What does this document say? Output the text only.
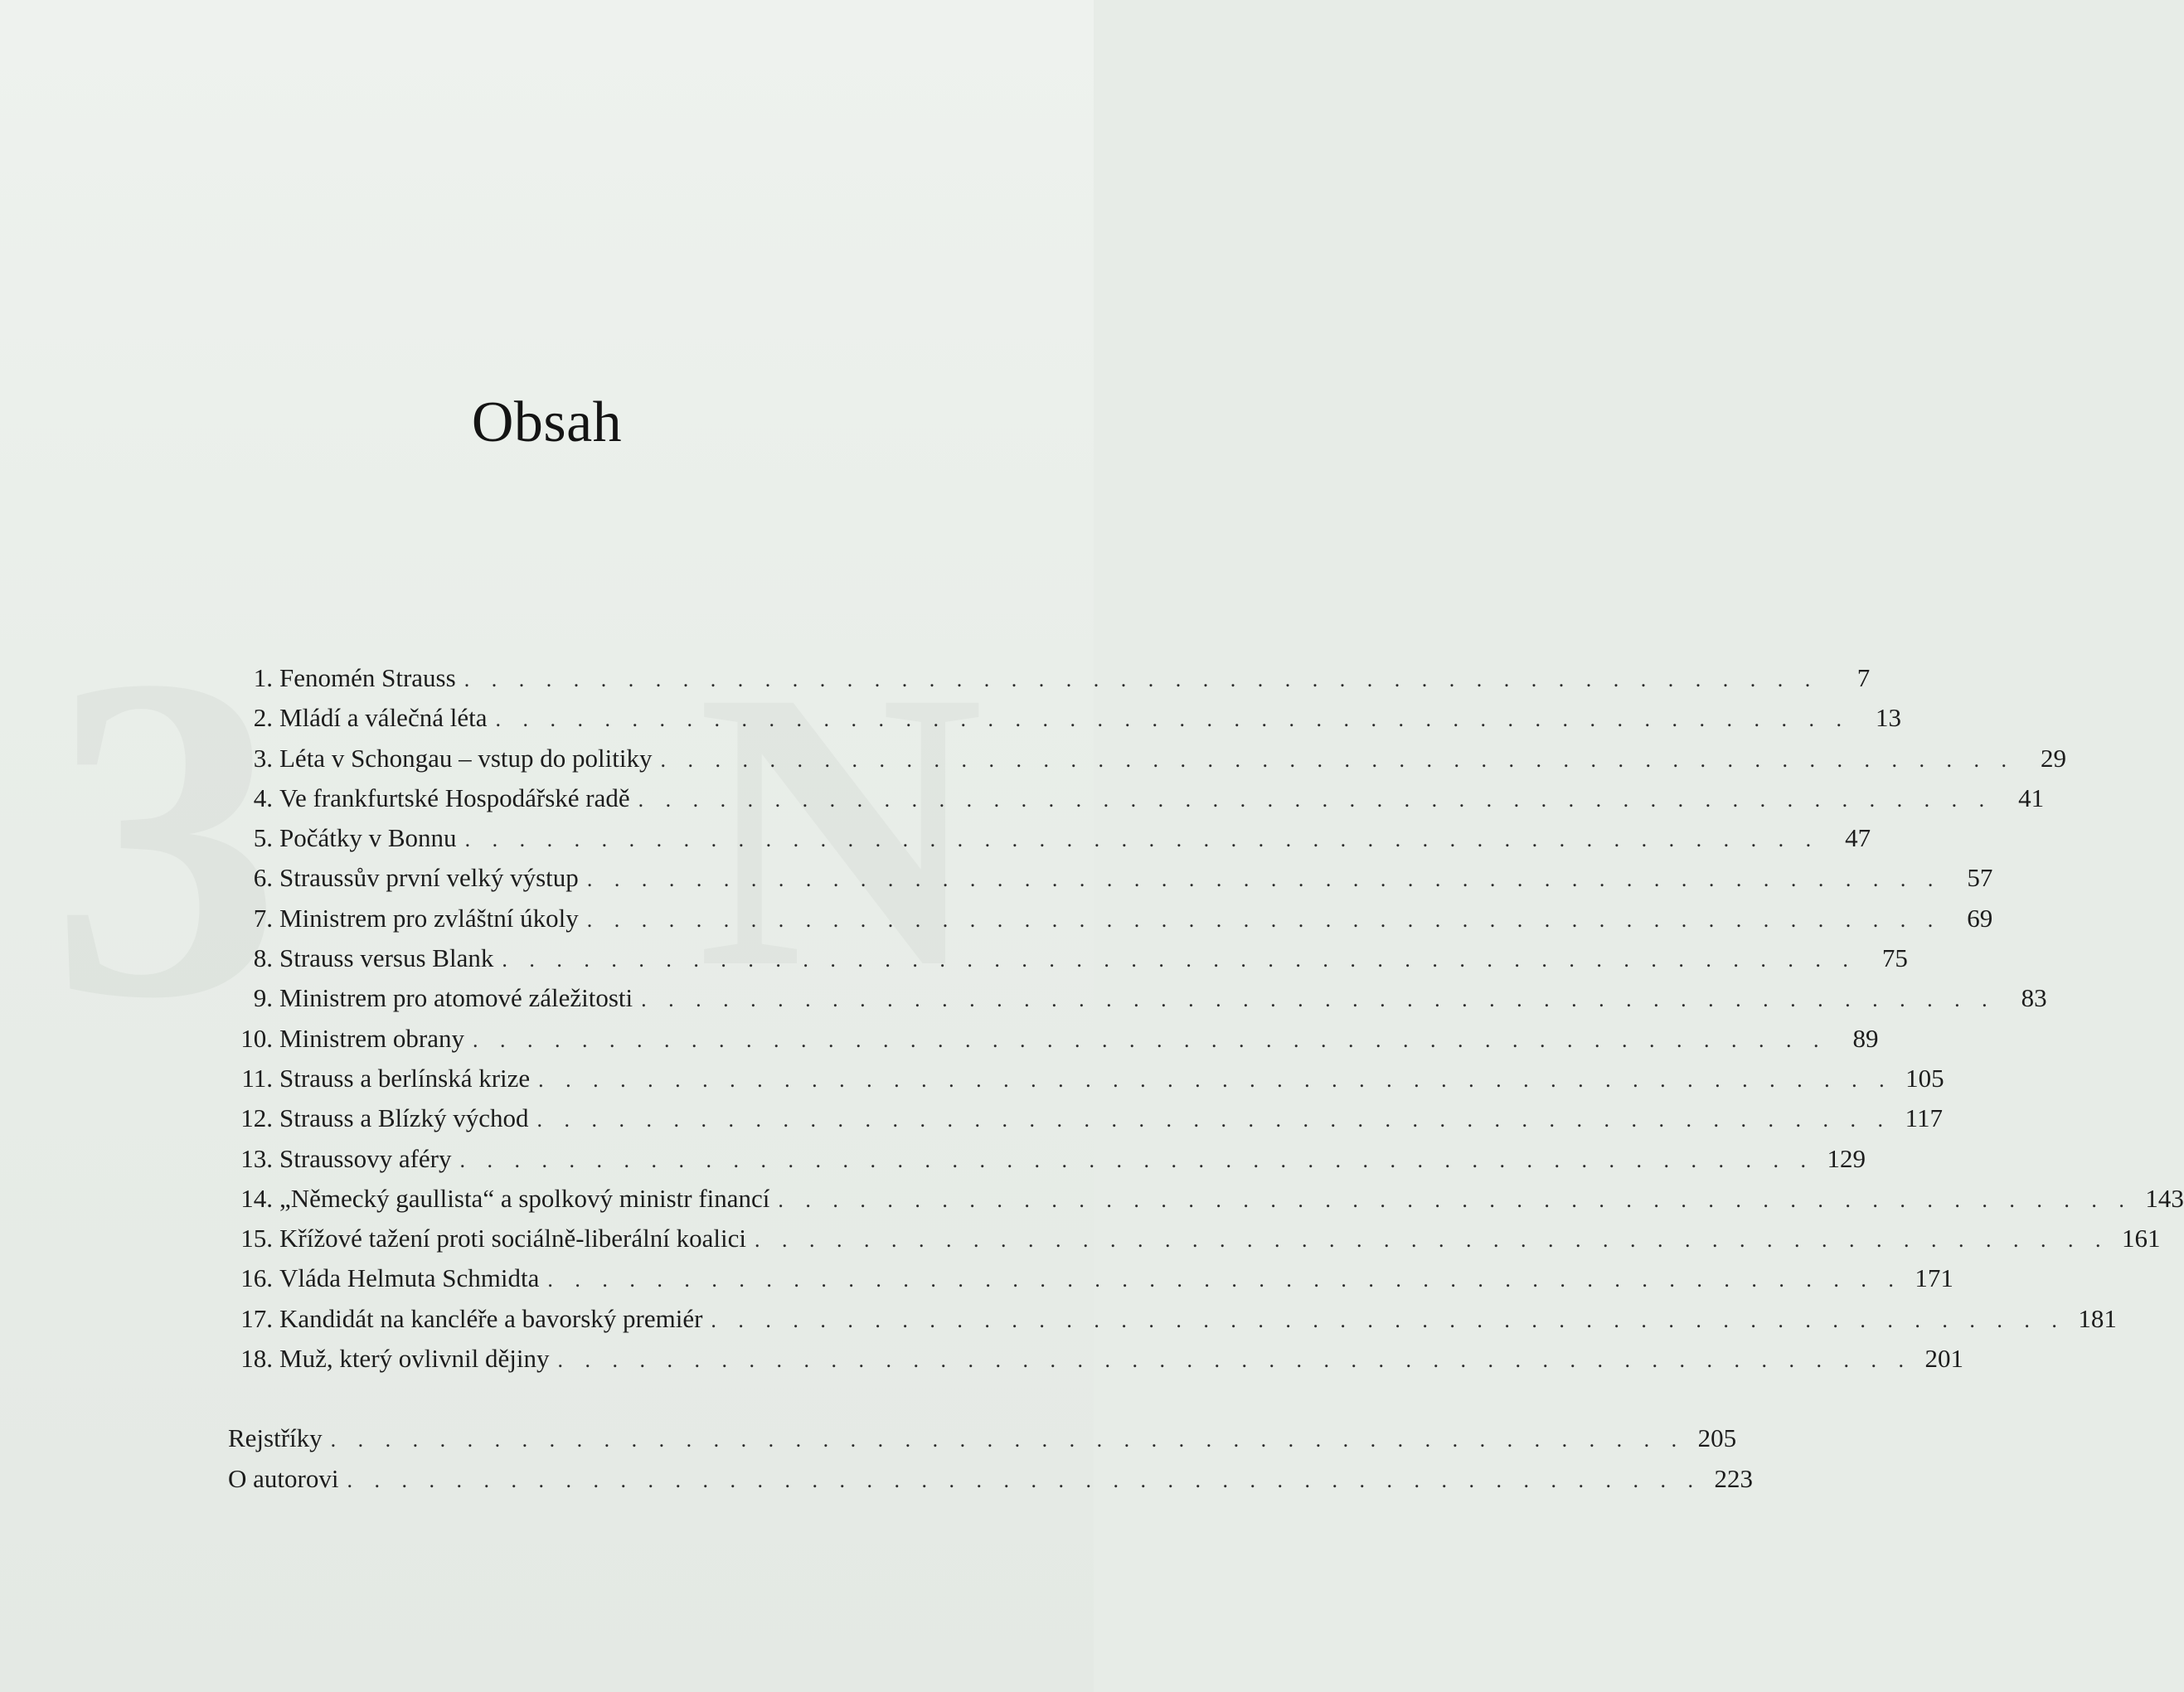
Obsah
1. Fenomén Strauss . . . . . . . . . . . . . . . . . . . . . . . . . . . . . . . . . . . . . . . . . . . . . . . . . .	7
2. Mládí a válečná léta . . . . . . . . . . . . . . . . . . . . . . . . . . . . . . . . . . . . . . . . . . . . . . . . . .	13
3. Léta v Schongau – vstup do politiky . . . . . . . . . . . . . . . . . . . . . . . . . . . . . . . . . . . . . . . . . . . . . . . . . .	29
4. Ve frankfurtské Hospodářské radě . . . . . . . . . . . . . . . . . . . . . . . . . . . . . . . . . . . . . . . . . . . . . . . . . .	41
5. Počátky v Bonnu . . . . . . . . . . . . . . . . . . . . . . . . . . . . . . . . . . . . . . . . . . . . . . . . . .	47
6. Straussův první velký výstup . . . . . . . . . . . . . . . . . . . . . . . . . . . . . . . . . . . . . . . . . . . . . . . . . .	57
7. Ministrem pro zvláštní úkoly . . . . . . . . . . . . . . . . . . . . . . . . . . . . . . . . . . . . . . . . . . . . . . . . . .	69
8. Strauss versus Blank . . . . . . . . . . . . . . . . . . . . . . . . . . . . . . . . . . . . . . . . . . . . . . . . . .	75
9. Ministrem pro atomové záležitosti . . . . . . . . . . . . . . . . . . . . . . . . . . . . . . . . . . . . . . . . . . . . . . . . . .	83
10. Ministrem obrany . . . . . . . . . . . . . . . . . . . . . . . . . . . . . . . . . . . . . . . . . . . . . . . . . .	89
11. Strauss a berlínská krize . . . . . . . . . . . . . . . . . . . . . . . . . . . . . . . . . . . . . . . . . . . . . . . . . . 105
12. Strauss a Blízký východ . . . . . . . . . . . . . . . . . . . . . . . . . . . . . . . . . . . . . . . . . . . . . . . . . . 117
13. Straussovy aféry . . . . . . . . . . . . . . . . . . . . . . . . . . . . . . . . . . . . . . . . . . . . . . . . . . 129
14. „Německý gaullista“ a spolkový ministr financí . . . . . . . . . . . . . . . . . . . . . . . . . . . . . . . . . . . . . . . . . . . . . . . . . . 143
15. Křížové tažení proti sociálně-liberální koalici . . . . . . . . . . . . . . . . . . . . . . . . . . . . . . . . . . . . . . . . . . . . . . . . . . 161
16. Vláda Helmuta Schmidta . . . . . . . . . . . . . . . . . . . . . . . . . . . . . . . . . . . . . . . . . . . . . . . . . . 171
17. Kandidát na kancléře a bavorský premiér . . . . . . . . . . . . . . . . . . . . . . . . . . . . . . . . . . . . . . . . . . . . . . . . . . 181
18. Muž, který ovlivnil dějiny . . . . . . . . . . . . . . . . . . . . . . . . . . . . . . . . . . . . . . . . . . . . . . . . . . 201
Rejstříky . . . . . . . . . . . . . . . . . . . . . . . . . . . . . . . . . . . . . . . . . . . . . . . . . . 205
O autorovi . . . . . . . . . . . . . . . . . . . . . . . . . . . . . . . . . . . . . . . . . . . . . . . . . . 223
